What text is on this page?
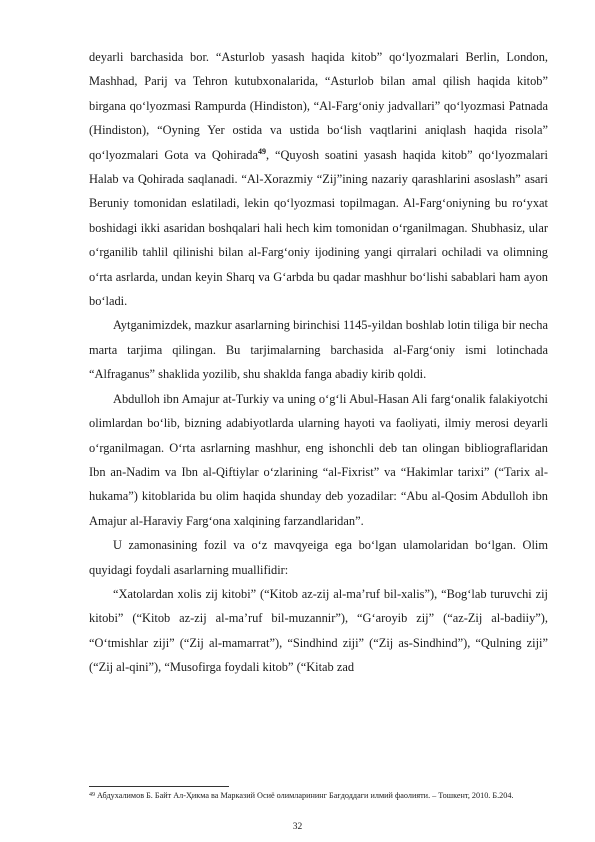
deyarli barchasida bor. “Asturlob yasash haqida kitob” qo‘lyozmalari Berlin, London, Mashhad, Parij va Tehron kutubxonalarida, “Asturlob bilan amal qilish haqida kitob” birgana qo‘lyozmasi Rampurda (Hindiston), “Al-Farg‘oniy jadvallari” qo‘lyozmasi Patnada (Hindiston), “Oyning Yer ostida va ustida bo‘lish vaqtlarini aniqlash haqida risola” qo‘lyozmalari Gota va Qohirada$^{49}$, “Quyosh soatini yasash haqida kitob” qo‘lyozmalari Halab va Qohirada saqlanadi. “Al-Xorazmiy “Zij”ining nazariy qarashlarini asoslash” asari Beruniy tomonidan eslatiladi, lekin qo‘lyozmasi topilmagan. Al-Farg‘oniyning bu ro‘yxat boshidagi ikki asaridan boshqalari hali hech kim tomonidan o‘rganilmagan. Shubhasiz, ular o‘rganilib tahlil qilinishi bilan al-Farg‘oniy ijodining yangi qirralari ochiladi va olimning o‘rta asrlarda, undan keyin Sharq va G‘arbda bu qadar mashhur bo‘lishi sabablari ham ayon bo‘ladi.

Aytganimizdek, mazkur asarlarning birinchisi 1145-yildan boshlab lotin tiliga bir necha marta tarjima qilingan. Bu tarjimalarning barchasida al-Farg‘oniy ismi lotinchada “Alfraganus” shaklida yozilib, shu shaklda fanga abadiy kirib qoldi.

Abdulloh ibn Amajur at-Turkiy va uning o‘g‘li Abul-Hasan Ali farg‘onalik falakiyotchi olimlardan bo‘lib, bizning adabiyotlarda ularning hayoti va faoliyati, ilmiy merosi deyarli o‘rganilmagan. O‘rta asrlarning mashhur, eng ishonchli deb tan olingan bibliograflaridan Ibn an-Nadim va Ibn al-Qiftiylar o‘zlarining “al-Fixrist” va “Hakimlar tarixi” (“Tarix al-hukama”) kitoblarida bu olim haqida shunday deb yozadilar: “Abu al-Qosim Abdulloh ibn Amajur al-Haraviy Farg‘ona xalqining farzandlaridan”.

U zamonasining fozil va o‘z mavqyeiga ega bo‘lgan ulamolaridan bo‘lgan. Olim quyidagi foydali asarlarning muallifidir:

“Xatolardan xolis zij kitobi” (“Kitob az-zij al-ma’ruf bil-xalis”), “Bog‘lab turuvchi zij kitobi” (“Kitob az-zij al-ma’ruf bil-muzannir”), “G‘aroyib zij” (“az-Zij al-badiiy”), “O‘tmishlar ziji” (“Zij al-mamarrat”), “Sindhind ziji” (“Zij as-Sindhind”), “Qulning ziji” (“Zij al-qini”), “Musofirga foydali kitob” (“Kitab zad

$^{49}$ Абдухалимов Б. Байт Ал-Ҳикма ва Марказий Осиё олимларининг Бағдоддаги илмий фаолияти. – Тошкент, 2010. Б.204.
32
